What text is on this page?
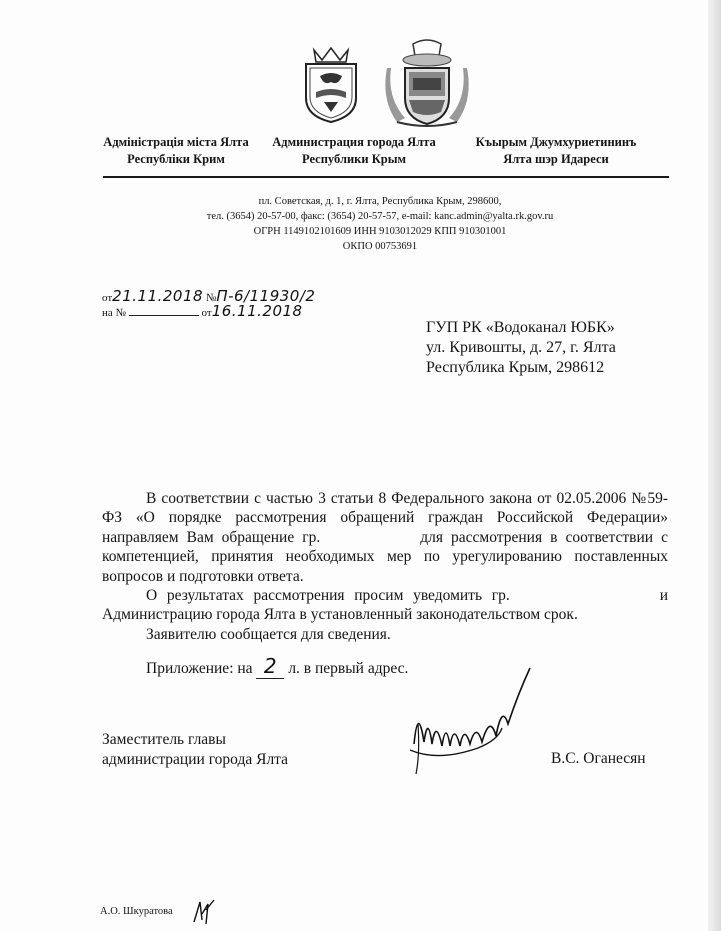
Адміністрація міста Ялта
Республіки Крим
Администрация города Ялта
Республики Крым
Къырым Джумхуриетининъ
Ялта шэр Идареси
пл. Советская, д. 1, г. Ялта, Республика Крым, 298600,
тел. (3654) 20-57-00, факс: (3654) 20-57-57, e-mail: kanc.admin@yalta.rk.gov.ru
ОГРН 1149102101609 ИНН 9103012029 КПП 910301001
ОКПО 00753691
от21.11.2018 №П-6/11930/2
на №	от16.11.2018
ГУП РК «Водоканал ЮБК»
ул. Кривошты, д. 27, г. Ялта
Республика Крым, 298612

В соответствии с частью 3 статьи 8 Федерального закона от 02.05.2006 №59-ФЗ «О порядке рассмотрения обращений граждан Российской Федерации» направляем Вам обращение гр.	для рассмотрения в соответствии с компетенцией, принятия необходимых мер по урегулированию поставленных вопросов и подготовки ответа.

О результатах рассмотрения просим уведомить гр.	и Администрацию города Ялта в установленный законодательством срок.

Заявителю сообщается для сведения.

Приложение: на 2 л. в первый адрес.
Заместитель главы
администрации города Ялта	В.С. Оганесян
А.О. Шкуратова
